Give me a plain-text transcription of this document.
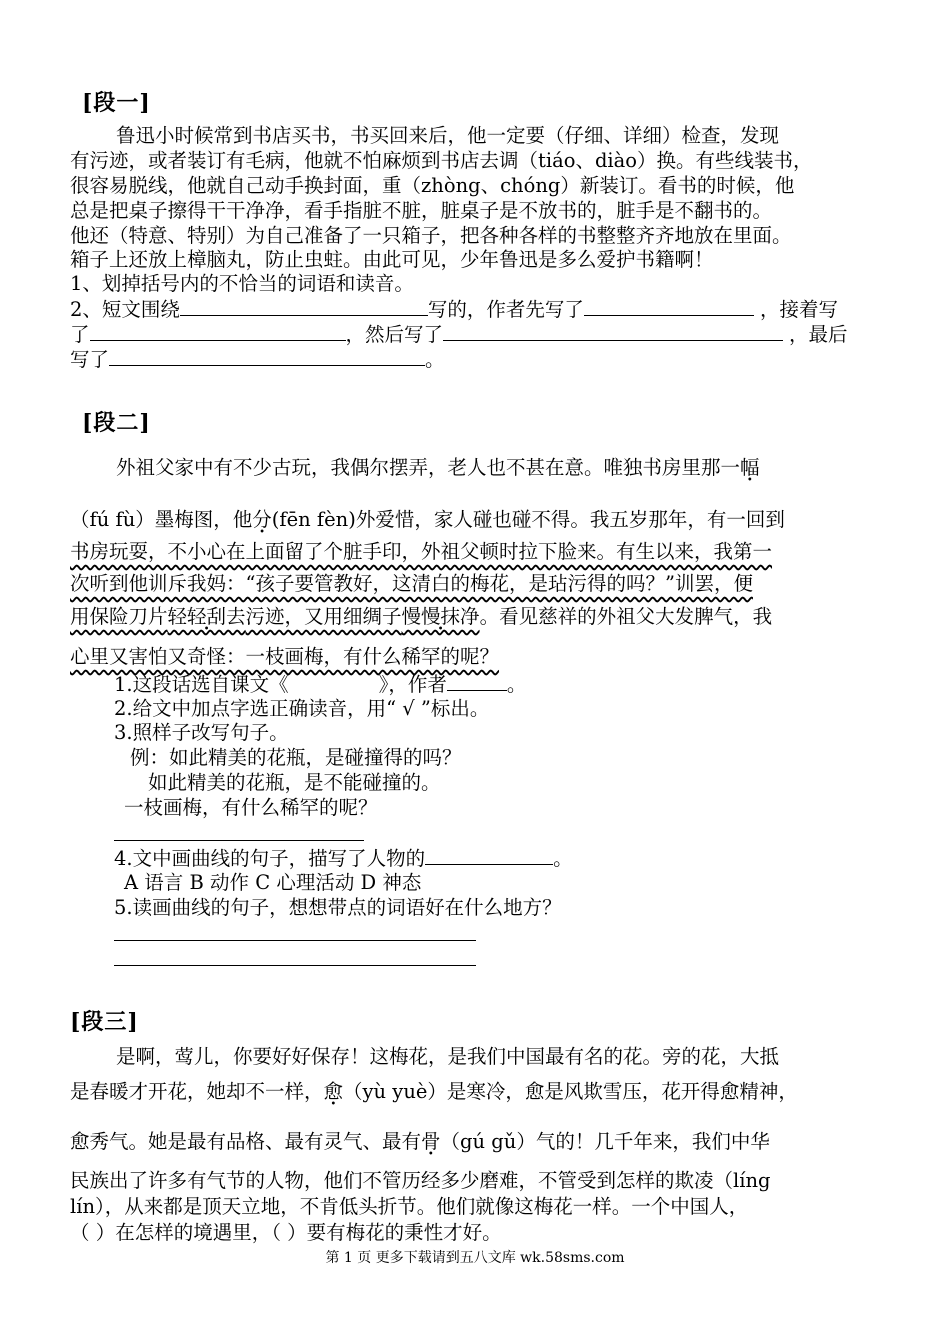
[段一]
鲁迅小时候常到书店买书，书买回来后，他一定要（仔细、详细）检查，发现
有污迹，或者装订有毛病，他就不怕麻烦到书店去调（tiáo、diào）换。有些线装书，
很容易脱线，他就自己动手换封面，重（zhòng、chóng）新装订。看书的时候，他
总是把桌子擦得干干净净，看手指脏不脏，脏桌子是不放书的，脏手是不翻书的。
他还（特意、特别）为自己准备了一只箱子，把各种各样的书整整齐齐地放在里面。
箱子上还放上樟脑丸，防止虫蛀。由此可见，少年鲁迅是多么爱护书籍啊！
1、划掉括号内的不恰当的词语和读音。
2、短文围绕	写的，作者先写了	，接着写
了	，然后写了	，最后
写了	。
[段二]
外祖父家中有不少古玩，我偶尔摆弄，老人也不甚在意。唯独书房里那一幅
（fú fù）墨梅图，他分(fēn fèn)外爱惜，家人碰也碰不得。我五岁那年，有一回到
书房玩耍，不小心在上面留了个脏手印，外祖父顿时拉下脸来。有生以来，我第一
次听到他训斥我妈：“孩子要管教好，这清白的梅花，是玷污得的吗？”训罢，便
用保险刀片轻轻刮去污迹，又用细绸子慢慢抹净。看见慈祥的外祖父大发脾气，我
心里又害怕又奇怪：一枝画梅，有什么稀罕的呢？
1.这段话选自课文《	》，作者	。
2.给文中加点字选正确读音，用“ √ ”标出。
3.照样子改写句子。
例：如此精美的花瓶，是碰撞得的吗？
如此精美的花瓶，是不能碰撞的。
一枝画梅，有什么稀罕的呢？
4.文中画曲线的句子，描写了人物的	。
A 语言 B 动作 C 心理活动 D 神态
5.读画曲线的句子，想想带点的词语好在什么地方？
[段三]
是啊，莺儿，你要好好保存！这梅花，是我们中国最有名的花。旁的花，大抵
是春暖才开花，她却不一样，愈（yù yuè）是寒冷，愈是风欺雪压，花开得愈精神，
愈秀气。她是最有品格、最有灵气、最有骨（gú gǔ）气的！几千年来，我们中华
民族出了许多有气节的人物，他们不管历经多少磨难，不管受到怎样的欺凌（líng
lín），从来都是顶天立地，不肯低头折节。他们就像这梅花一样。一个中国人，
（ ）在怎样的境遇里，（ ）要有梅花的秉性才好。
第 1 页 更多下载请到五八文库 wk.58sms.com
